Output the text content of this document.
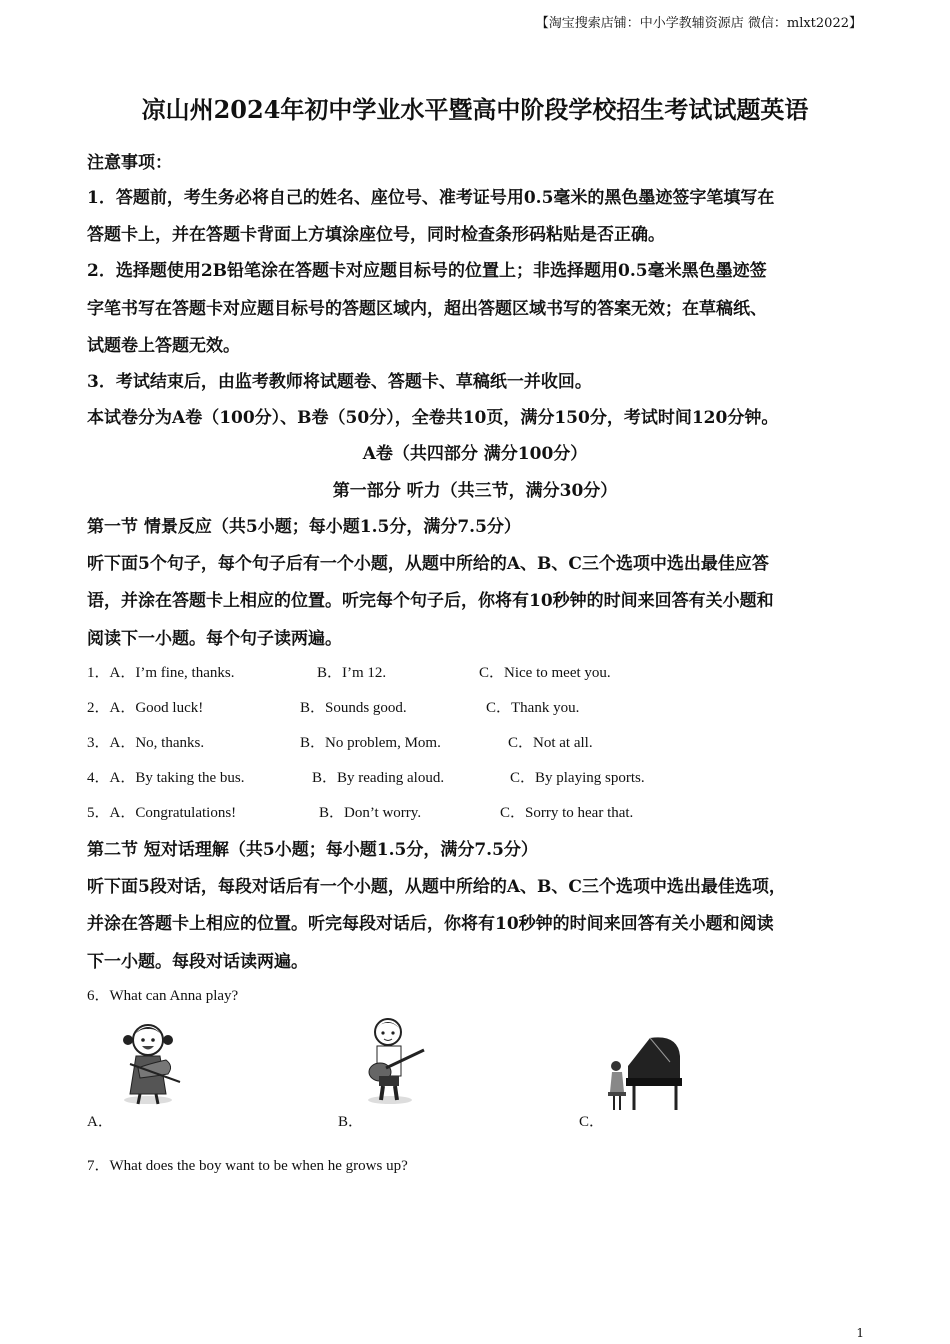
【淘宝搜索店铺：中小学教辅资源店 微信：mlxt2022】
凉山州2024年初中学业水平暨高中阶段学校招生考试试题英语
注意事项：
1．答题前，考生务必将自己的姓名、座位号、准考证号用0.5毫米的黑色墨迹签字笔填写在
答题卡上，并在答题卡背面上方填涂座位号，同时检查条形码粘贴是否正确。
2．选择题使用2B铅笔涂在答题卡对应题目标号的位置上；非选择题用0.5毫米黑色墨迹签
字笔书写在答题卡对应题目标号的答题区域内，超出答题区域书写的答案无效；在草稿纸、
试题卷上答题无效。
3．考试结束后，由监考教师将试题卷、答题卡、草稿纸一并收回。
本试卷分为A卷（100分）、B卷（50分），全卷共10页，满分150分，考试时间120分钟。
A卷（共四部分 满分100分）
第一部分 听力（共三节，满分30分）
第一节 情景反应（共5小题；每小题1.5分，满分7.5分）
听下面5个句子，每个句子后有一个小题，从题中所给的A、B、C三个选项中选出最佳应答
语，并涂在答题卡上相应的位置。听完每个句子后，你将有10秒钟的时间来回答有关小题和
阅读下一小题。每个句子读两遍。
1．A．I’m fine, thanks.	B．I’m 12.	C．Nice to meet you.
2．A．Good luck!	B．Sounds good.	C．Thank you.
3．A．No, thanks.	B．No problem, Mom.	C．Not at all.
4．A．By taking the bus.	B．By reading aloud.	C．By playing sports.
5．A．Congratulations!	B．Don’t worry.	C．Sorry to hear that.
第二节 短对话理解（共5小题；每小题1.5分，满分7.5分）
听下面5段对话，每段对话后有一个小题，从题中所给的A、B、C三个选项中选出最佳选项，
并涂在答题卡上相应的位置。听完每段对话后，你将有10秒钟的时间来回答有关小题和阅读
下一小题。每段对话读两遍。
6．What can Anna play?
A．	B．	C．
7．What does the boy want to be when he grows up?
1
